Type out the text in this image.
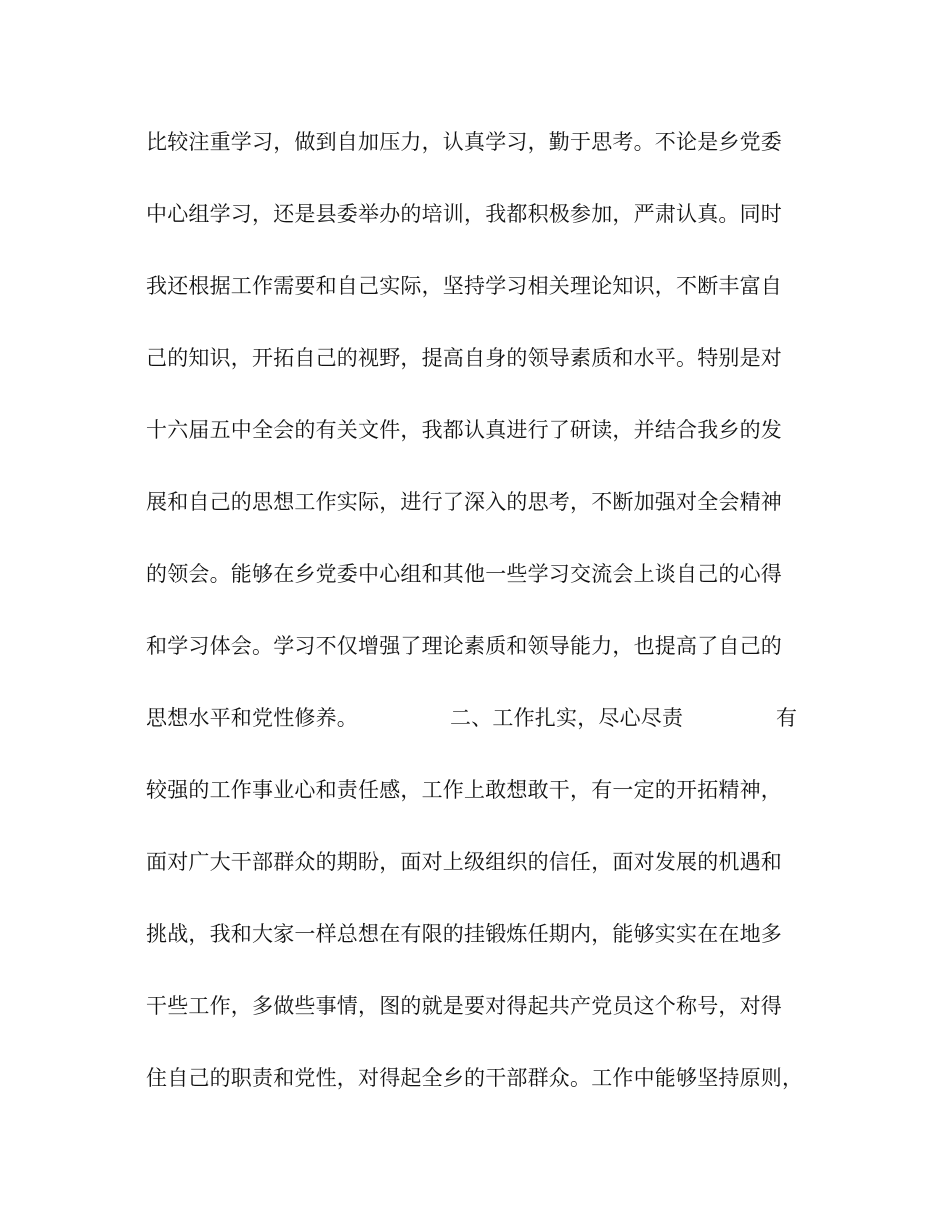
比较注重学习，做到自加压力，认真学习，勤于思考。不论是乡党委
中心组学习，还是县委举办的培训，我都积极参加，严肃认真。同时
我还根据工作需要和自己实际，坚持学习相关理论知识，不断丰富自
己的知识，开拓自己的视野，提高自身的领导素质和水平。特别是对
十六届五中全会的有关文件，我都认真进行了研读，并结合我乡的发
展和自己的思想工作实际，进行了深入的思考，不断加强对全会精神
的领会。能够在乡党委中心组和其他一些学习交流会上谈自己的心得
和学习体会。学习不仅增强了理论素质和领导能力，也提高了自己的
思想水平和党性修养。	二、工作扎实，尽心尽责	有
较强的工作事业心和责任感，工作上敢想敢干，有一定的开拓精神，
面对广大干部群众的期盼，面对上级组织的信任，面对发展的机遇和
挑战，我和大家一样总想在有限的挂锻炼任期内，能够实实在在地多
干些工作，多做些事情，图的就是要对得起共产党员这个称号，对得
住自己的职责和党性，对得起全乡的干部群众。工作中能够坚持原则，
